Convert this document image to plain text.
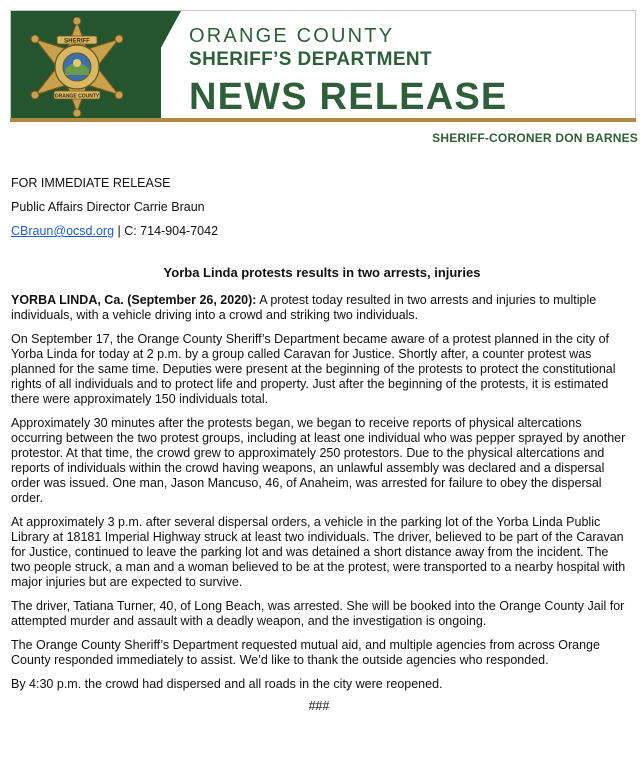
SHERIFF
ORANGE COUNTY
ORANGE COUNTY
SHERIFF’S DEPARTMENT
NEWS RELEASE
SHERIFF-CORONER DON BARNES
FOR IMMEDIATE RELEASE
Public Affairs Director Carrie Braun
CBraun@ocsd.org | C: 714-904-7042
Yorba Linda protests results in two arrests, injuries

YORBA LINDA, Ca. (September 26, 2020): A protest today resulted in two arrests and injuries to multiple individuals, with a vehicle driving into a crowd and striking two individuals.

On September 17, the Orange County Sheriff’s Department became aware of a protest planned in the city of Yorba Linda for today at 2 p.m. by a group called Caravan for Justice. Shortly after, a counter protest was planned for the same time. Deputies were present at the beginning of the protests to protect the constitutional rights of all individuals and to protect life and property. Just after the beginning of the protests, it is estimated there were approximately 150 individuals total.

Approximately 30 minutes after the protests began, we began to receive reports of physical altercations occurring between the two protest groups, including at least one individual who was pepper sprayed by another protestor. At that time, the crowd grew to approximately 250 protestors. Due to the physical altercations and reports of individuals within the crowd having weapons, an unlawful assembly was declared and a dispersal order was issued. One man, Jason Mancuso, 46, of Anaheim, was arrested for failure to obey the dispersal order.

At approximately 3 p.m. after several dispersal orders, a vehicle in the parking lot of the Yorba Linda Public Library at 18181 Imperial Highway struck at least two individuals. The driver, believed to be part of the Caravan for Justice, continued to leave the parking lot and was detained a short distance away from the incident. The two people struck, a man and a woman believed to be at the protest, were transported to a nearby hospital with major injuries but are expected to survive.

The driver, Tatiana Turner, 40, of Long Beach, was arrested. She will be booked into the Orange County Jail for attempted murder and assault with a deadly weapon, and the investigation is ongoing.

The Orange County Sheriff’s Department requested mutual aid, and multiple agencies from across Orange County responded immediately to assist. We’d like to thank the outside agencies who responded.

By 4:30 p.m. the crowd had dispersed and all roads in the city were reopened.

###
